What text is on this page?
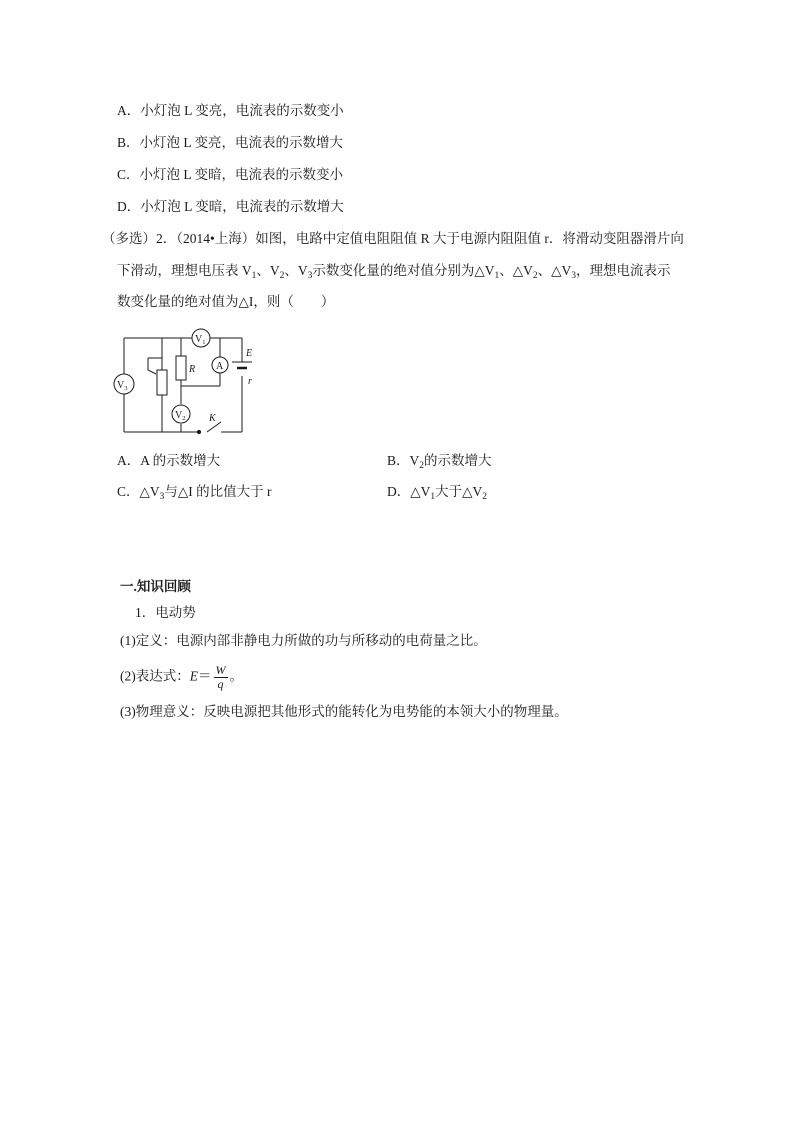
A．小灯泡 L 变亮，电流表的示数变小
B．小灯泡 L 变亮，电流表的示数增大
C．小灯泡 L 变暗，电流表的示数变小
D．小灯泡 L 变暗，电流表的示数增大
（多选）2．（2014•上海）如图，电路中定值电阻阻值 R 大于电源内阻阻值 r．将滑动变阻器滑片向
下滑动，理想电压表 $V_1$、$V_2$、$V_3$示数变化量的绝对值分别为$\triangle V_1$、$\triangle V_2$、$\triangle V_3$，理想电流表示
数变化量的绝对值为△I，则（　　）
$V_1$
A
$V_2$
$V_3$
R
E
r
K
A．A 的示数增大	B．$V_2$的示数增大
C．$\triangle V_3$与△I 的比值大于 r	D．$\triangle V_1$大于$\triangle V_2$
一.知识回顾
1．电动势
(1)定义：电源内部非静电力所做的功与所移动的电荷量之比。
(2)表达式：$E= \frac{W}{q}$ 。
(3)物理意义：反映电源把其他形式的能转化为电势能的本领大小的物理量。
